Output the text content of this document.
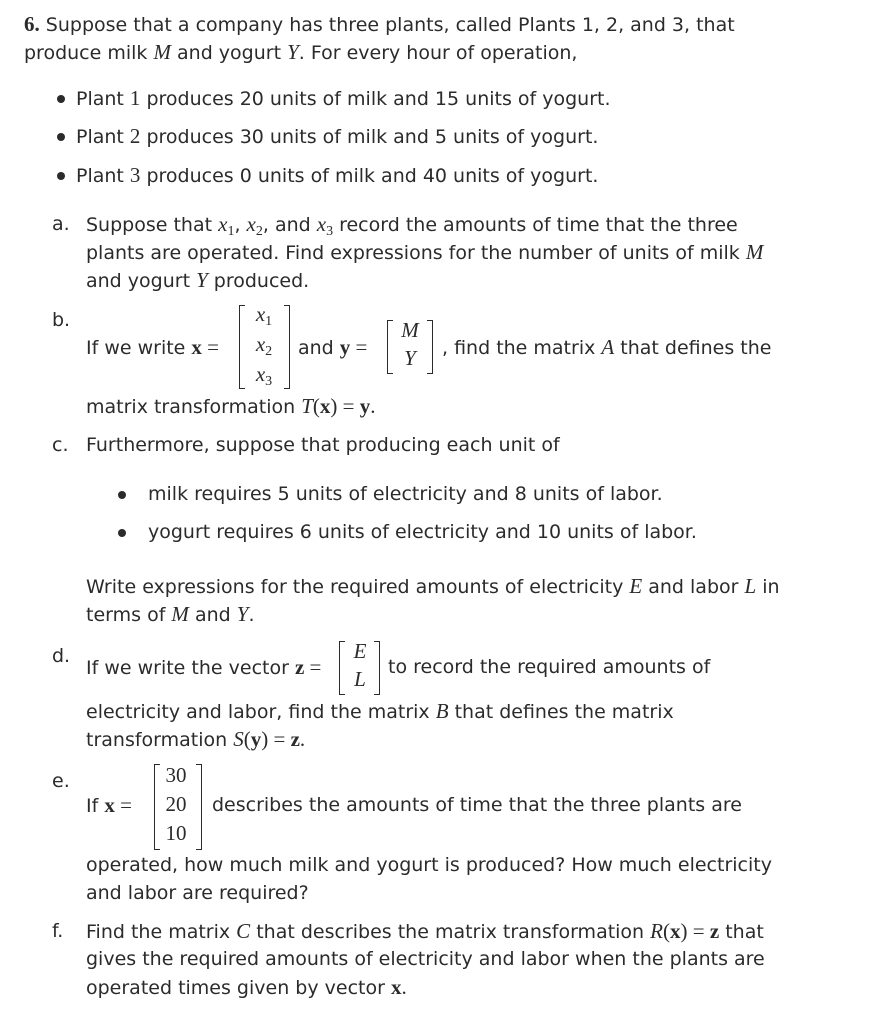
6. Suppose that a company has three plants, called Plants 1, 2, and 3, that
produce milk M and yogurt Y. For every hour of operation,
Plant 1 produces 20 units of milk and 15 units of yogurt.
Plant 2 produces 30 units of milk and 5 units of yogurt.
Plant 3 produces 0 units of milk and 40 units of yogurt.
a. Suppose that $x_1$, $x_2$, and $x_3$ record the amounts of time that the three
plants are operated. Find expressions for the number of units of milk M
and yogurt Y produced.
b.
If we write x =
x1
x2
x3
and y =
M
Y	, find the matrix A that defines the
matrix transformation T(x) = y.
c. Furthermore, suppose that producing each unit of
milk requires 5 units of electricity and 8 units of labor.
yogurt requires 6 units of electricity and 10 units of labor.
Write expressions for the required amounts of electricity E and labor L in
terms of M and Y.
d.
If we write the vector z =
E
L	to record the required amounts of
electricity and labor, find the matrix B that defines the matrix
transformation S(y) = z.
e.
If x =
30
20
10
describes the amounts of time that the three plants are
operated, how much milk and yogurt is produced? How much electricity
and labor are required?
f. Find the matrix C that describes the matrix transformation R(x) = z that
gives the required amounts of electricity and labor when the plants are
operated times given by vector x.
